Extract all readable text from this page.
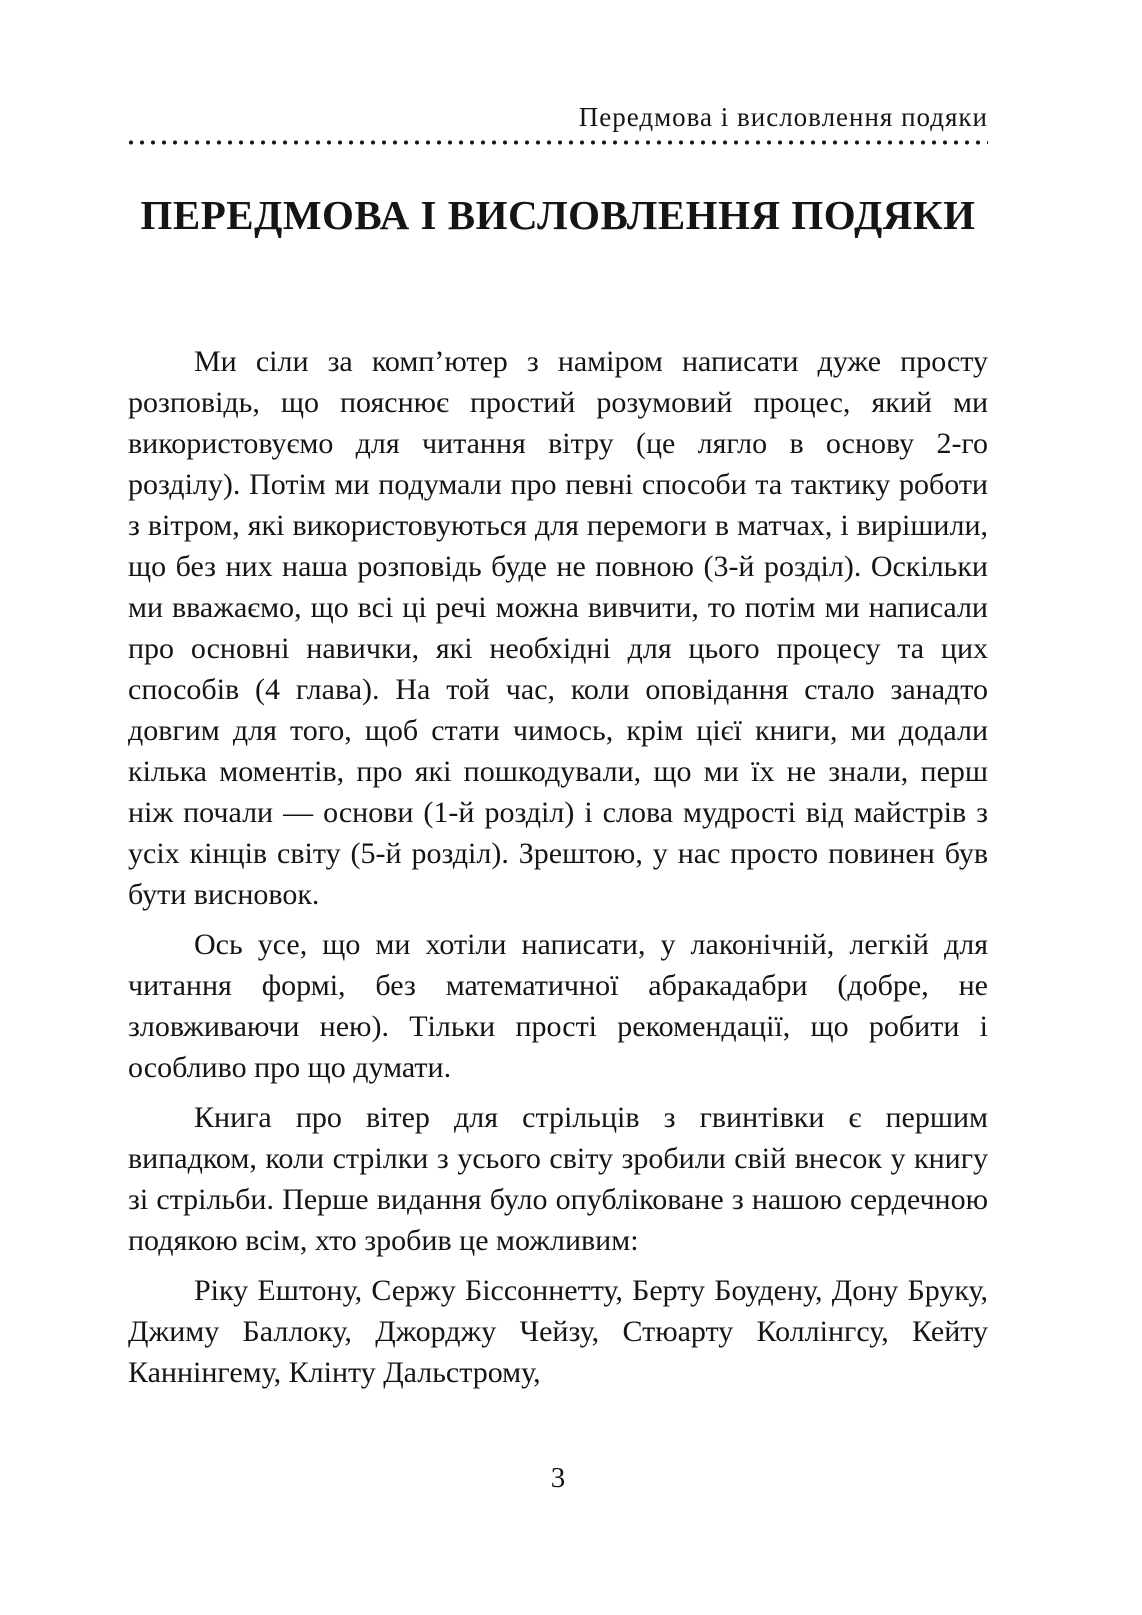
Передмова і висловлення подяки
ПЕРЕДМОВА І ВИСЛОВЛЕННЯ ПОДЯКИ

Ми сіли за комп’ютер з наміром написати дуже просту розповідь, що пояснює простий розумовий процес, який ми використовуємо для читання вітру (це лягло в основу 2-го розділу). Потім ми подумали про певні способи та тактику роботи з вітром, які використовуються для перемоги в матчах, і вирішили, що без них наша розповідь буде не повною (3-й розділ). Оскільки ми вважаємо, що всі ці речі можна вивчити, то потім ми написали про основні навички, які необхідні для цього процесу та цих способів (4 глава). На той час, коли оповідання стало занадто довгим для того, щоб стати чимось, крім цієї книги, ми додали кілька моментів, про які пошкодували, що ми їх не знали, перш ніж почали — основи (1-й розділ) і слова мудрості від майстрів з усіх кінців світу (5-й розділ). Зрештою, у нас просто повинен був бути висновок.

Ось усе, що ми хотіли написати, у лаконічній, легкій для читання формі, без математичної абракадабри (добре, не зловживаючи нею). Тільки прості рекомендації, що робити і особливо про що думати.

Книга про вітер для стрільців з гвинтівки є першим випадком, коли стрілки з усього світу зробили свій внесок у книгу зі стрільби. Перше видання було опубліковане з нашою сердечною подякою всім, хто зробив це можливим:

Ріку Ештону, Сержу Біссоннетту, Берту Боудену, Дону Бруку, Джиму Баллоку, Джорджу Чейзу, Стюарту Коллінгсу, Кейту Каннінгему, Клінту Дальстрому,

3
